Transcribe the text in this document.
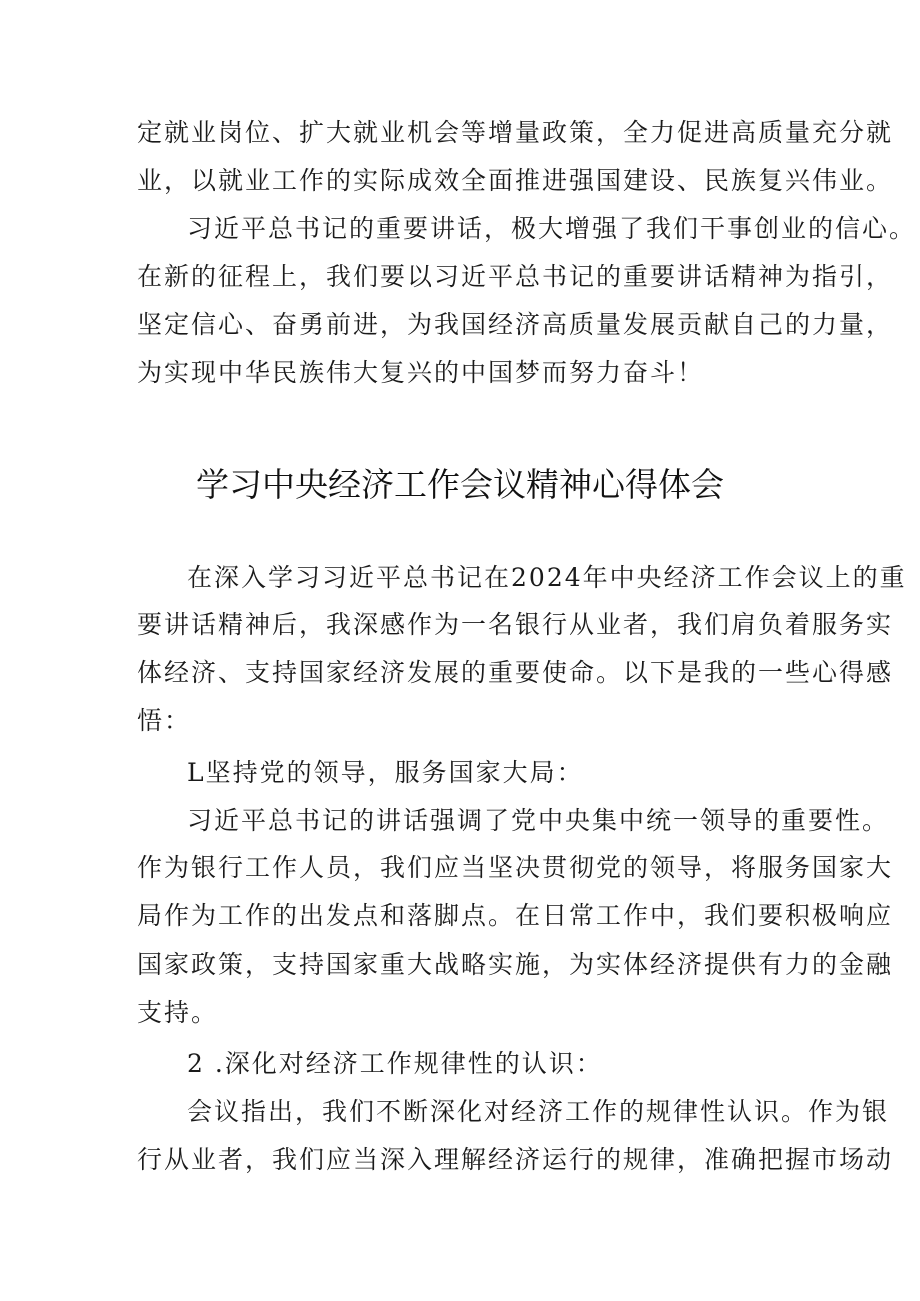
定就业岗位、扩大就业机会等增量政策，全力促进高质量充分就
业，以就业工作的实际成效全面推进强国建设、民族复兴伟业。
习近平总书记的重要讲话，极大增强了我们干事创业的信心。
在新的征程上，我们要以习近平总书记的重要讲话精神为指引，
坚定信心、奋勇前进，为我国经济高质量发展贡献自己的力量，
为实现中华民族伟大复兴的中国梦而努力奋斗！
学习中央经济工作会议精神心得体会
在深入学习习近平总书记在2024年中央经济工作会议上的重
要讲话精神后，我深感作为一名银行从业者，我们肩负着服务实
体经济、支持国家经济发展的重要使命。以下是我的一些心得感
悟：
L坚持党的领导，服务国家大局：
习近平总书记的讲话强调了党中央集中统一领导的重要性。
作为银行工作人员，我们应当坚决贯彻党的领导，将服务国家大
局作为工作的出发点和落脚点。在日常工作中，我们要积极响应
国家政策，支持国家重大战略实施，为实体经济提供有力的金融
支持。
2 .深化对经济工作规律性的认识：
会议指出，我们不断深化对经济工作的规律性认识。作为银
行从业者，我们应当深入理解经济运行的规律，准确把握市场动
